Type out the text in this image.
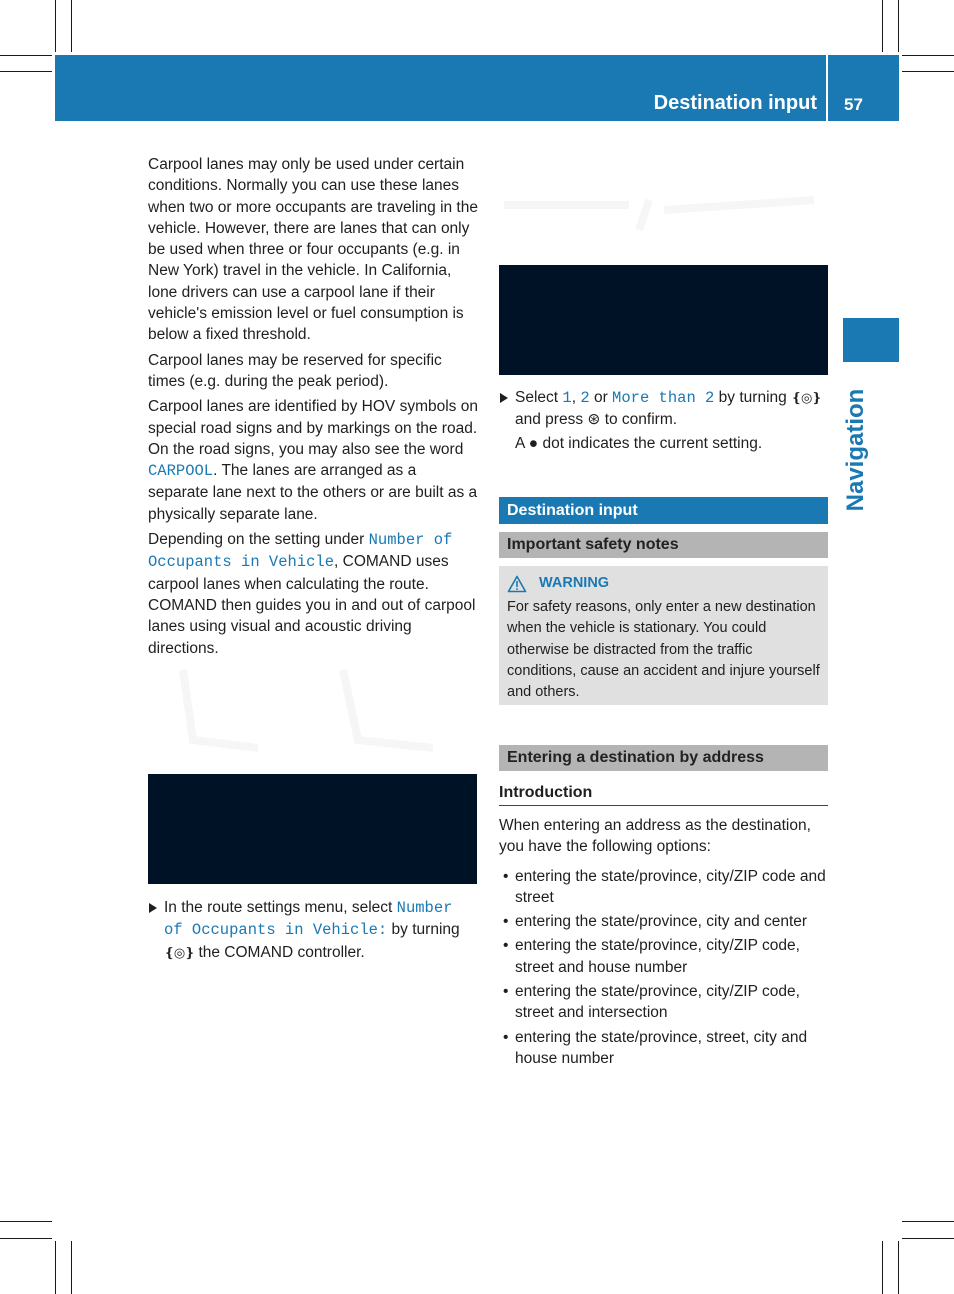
Destination input 57
Navigation

Carpool lanes may only be used under certain conditions. Normally you can use these lanes when two or more occupants are traveling in the vehicle. However, there are lanes that can only be used when three or four occupants (e.g. in New York) travel in the vehicle. In California, lone drivers can use a carpool lane if their vehicle's emission level or fuel consumption is below a fixed threshold.

Carpool lanes may be reserved for specific times (e.g. during the peak period).

Carpool lanes are identified by HOV symbols on special road signs and by markings on the road. On the road signs, you may also see the word CARPOOL. The lanes are arranged as a separate lane next to the others or are built as a physically separate lane.

Depending on the setting under Number of Occupants in Vehicle, COMAND uses carpool lanes when calculating the route. COMAND then guides you in and out of carpool lanes using visual and acoustic driving directions.

In the route settings menu, select Number of Occupants in Vehicle: by turning ❴◎❵ the COMAND controller.
Select 1, 2 or More than 2 by turning ❴◎❵ and press ⊛ to confirm.

A ● dot indicates the current setting.

Destination input
Important safety notes
WARNING

For safety reasons, only enter a new destination when the vehicle is stationary. You could otherwise be distracted from the traffic conditions, cause an accident and injure yourself and others.

Entering a destination by address
Introduction

When entering an address as the destination, you have the following options:

• entering the state/province, city/ZIP code and street
• entering the state/province, city and center
• entering the state/province, city/ZIP code, street and house number
• entering the state/province, city/ZIP code, street and intersection
• entering the state/province, street, city and house number
